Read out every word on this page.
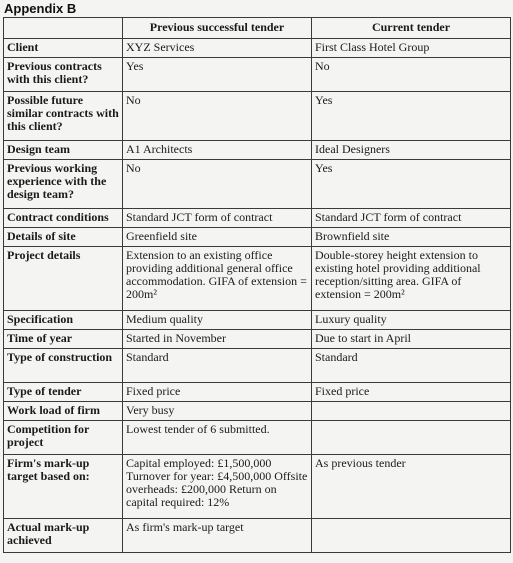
Appendix B
	Previous successful tender	Current tender
Client	XYZ Services	First Class Hotel Group
Previous contracts with this client?	Yes	No
Possible future similar contracts with this client?	No	Yes
Design team	A1 Architects	Ideal Designers
Previous working experience with the design team?	No	Yes
Contract conditions	Standard JCT form of contract	Standard JCT form of contract
Details of site	Greenfield site	Brownfield site
Project details	Extension to an existing office providing additional general office accommodation. GIFA of extension = 200m²	Double-storey height extension to existing hotel providing additional reception/sitting area. GIFA of extension = 200m²
Specification	Medium quality	Luxury quality
Time of year	Started in November	Due to start in April
Type of construction	Standard	Standard
Type of tender	Fixed price	Fixed price
Work load of firm	Very busy	
Competition for project	Lowest tender of 6 submitted.	
Firm's mark-up target based on:	Capital employed: £1,500,000 Turnover for year: £4,500,000 Offsite overheads: £200,000 Return on capital required: 12%	As previous tender
Actual mark-up achieved	As firm's mark-up target	
